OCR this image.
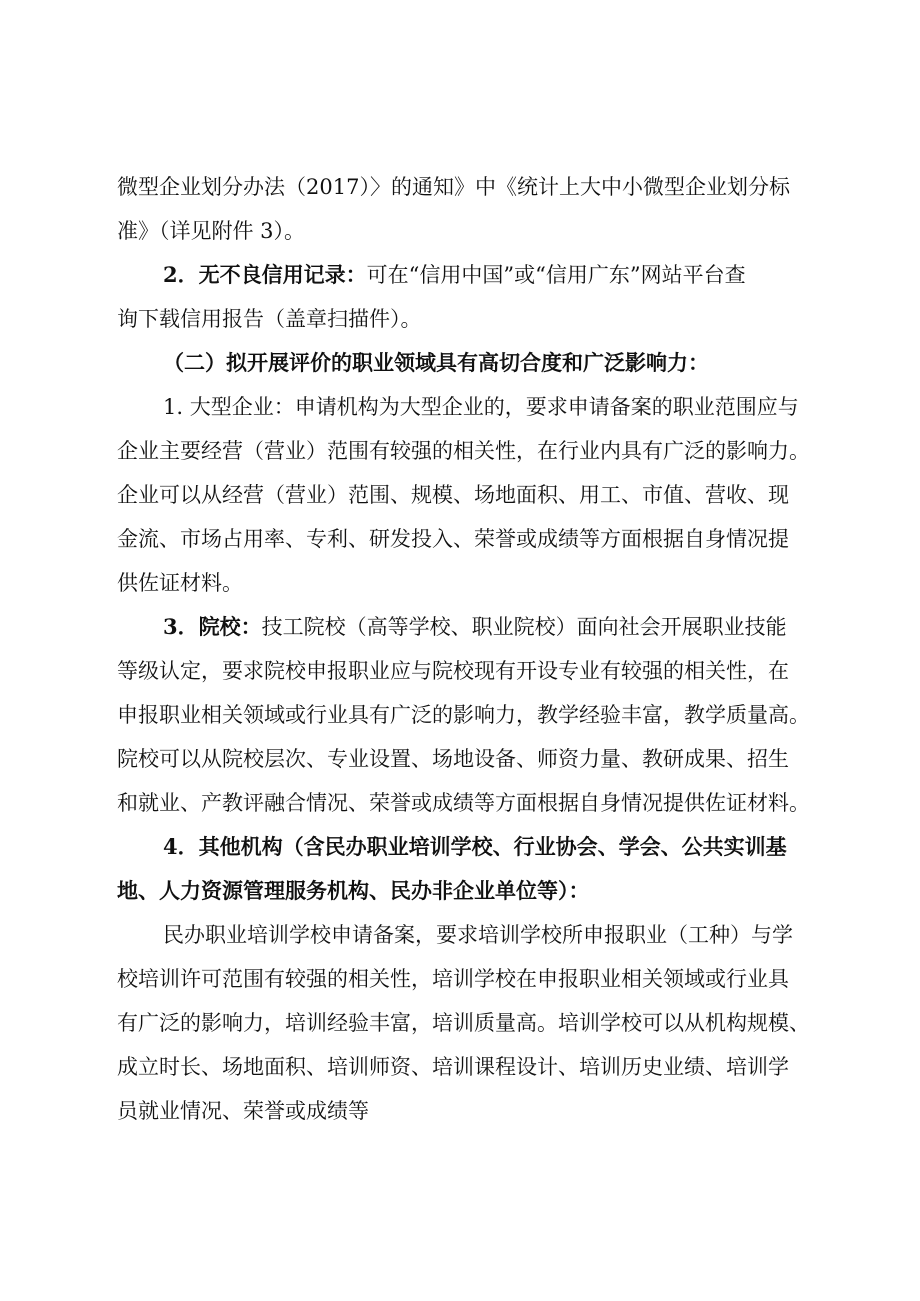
微型企业划分办法（2017）〉的通知》中《统计上大中小微型企业划分标
准》（详见附件 3）。
2．无不良信用记录：可在“信用中国”或“信用广东”网站平台查
询下载信用报告（盖章扫描件）。
（二）拟开展评价的职业领域具有高切合度和广泛影响力：
1. 大型企业：申请机构为大型企业的，要求申请备案的职业范围应与
企业主要经营（营业）范围有较强的相关性，在行业内具有广泛的影响力。
企业可以从经营（营业）范围、规模、场地面积、用工、市值、营收、现
金流、市场占用率、专利、研发投入、荣誉或成绩等方面根据自身情况提
供佐证材料。
3．院校：技工院校（高等学校、职业院校）面向社会开展职业技能
等级认定，要求院校申报职业应与院校现有开设专业有较强的相关性，在
申报职业相关领域或行业具有广泛的影响力，教学经验丰富，教学质量高。
院校可以从院校层次、专业设置、场地设备、师资力量、教研成果、招生
和就业、产教评融合情况、荣誉或成绩等方面根据自身情况提供佐证材料。
4．其他机构（含民办职业培训学校、行业协会、学会、公共实训基
地、人力资源管理服务机构、民办非企业单位等）：
民办职业培训学校申请备案，要求培训学校所申报职业（工种）与学
校培训许可范围有较强的相关性，培训学校在申报职业相关领域或行业具
有广泛的影响力，培训经验丰富，培训质量高。培训学校可以从机构规模、
成立时长、场地面积、培训师资、培训课程设计、培训历史业绩、培训学
员就业情况、荣誉或成绩等
